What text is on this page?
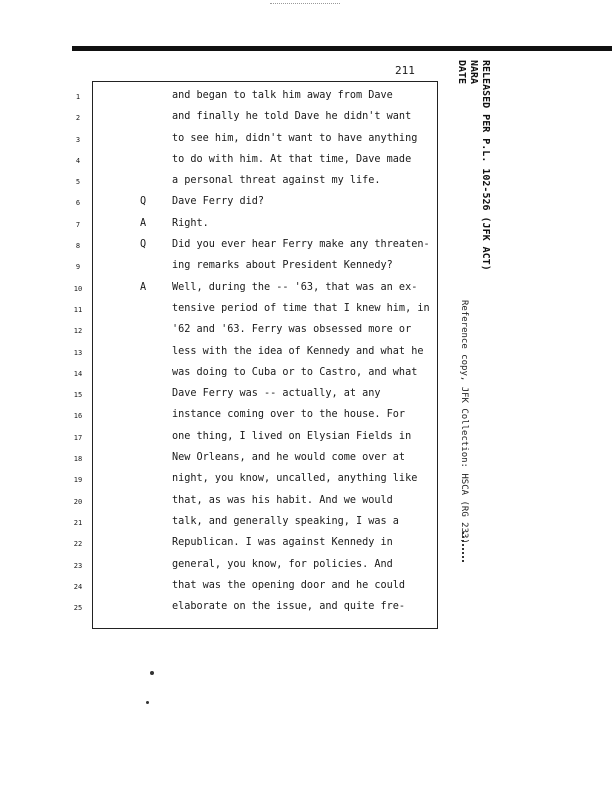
211
1
2
3
4
5
6
7
8
9
10
11
12
13
14
15
16
17
18
19
20
21
22
23
24
25
and began to talk him away from Dave
and finally he told Dave he didn't want
to see him, didn't want to have anything
to do with him. At that time, Dave made
a personal threat against my life.
Q	Dave Ferry did?
A	Right.
Q	Did you ever hear Ferry make any threaten-
ing remarks about President Kennedy?
A	Well, during the -- '63, that was an ex-
tensive period of time that I knew him, in
'62 and '63. Ferry was obsessed more or
less with the idea of Kennedy and what he
was doing to Cuba or to Castro, and what
Dave Ferry was -- actually, at any
instance coming over to the house. For
one thing, I lived on Elysian Fields in
New Orleans, and he would come over at
night, you know, uncalled, anything like
that, as was his habit. And we would
talk, and generally speaking, I was a
Republican. I was against Kennedy in
general, you know, for policies. And
that was the opening door and he could
elaborate on the issue, and quite fre-
RELEASED PER P.L. 102-526 (JFK ACT)
NARA
DATE
Reference copy, JFK Collection: HSCA (RG 233)
